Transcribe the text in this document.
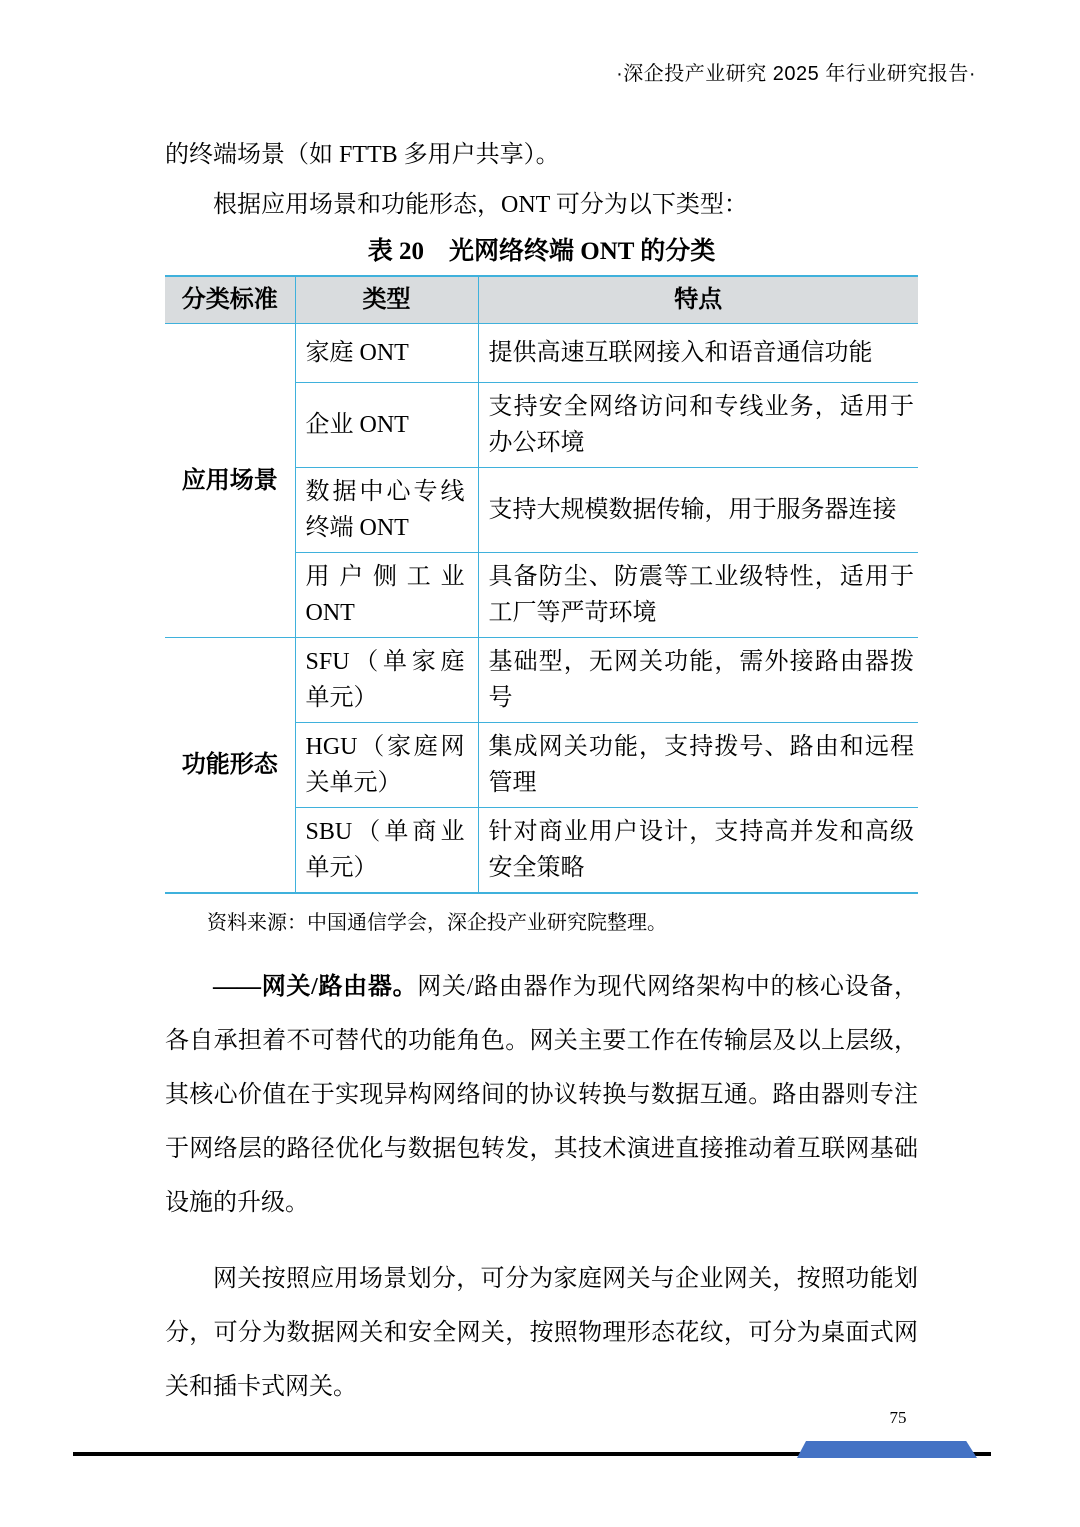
·深企投产业研究 2025 年行业研究报告·

的终端场景（如 FTTB 多用户共享）。

根据应用场景和功能形态，ONT 可分为以下类型：

表 20　光网络终端 ONT 的分类
分类标准	类型	特点
应用场景	家庭 ONT	提供高速互联网接入和语音通信功能
	企业 ONT	支持安全网络访问和专线业务，适用于办公环境
	数据中心专线终端 ONT	支持大规模数据传输，用于服务器连接
	用户侧工业 ONT	具备防尘、防震等工业级特性，适用于工厂等严苛环境
功能形态	SFU（单家庭单元）	基础型，无网关功能，需外接路由器拨号
	HGU（家庭网关单元）	集成网关功能，支持拨号、路由和远程管理
	SBU（单商业单元）	针对商业用户设计，支持高并发和高级安全策略

资料来源：中国通信学会，深企投产业研究院整理。

——网关/路由器。网关/路由器作为现代网络架构中的核心设备，各自承担着不可替代的功能角色。网关主要工作在传输层及以上层级，其核心价值在于实现异构网络间的协议转换与数据互通。路由器则专注于网络层的路径优化与数据包转发，其技术演进直接推动着互联网基础设施的升级。

网关按照应用场景划分，可分为家庭网关与企业网关，按照功能划分，可分为数据网关和安全网关，按照物理形态花纹，可分为桌面式网关和插卡式网关。

75
